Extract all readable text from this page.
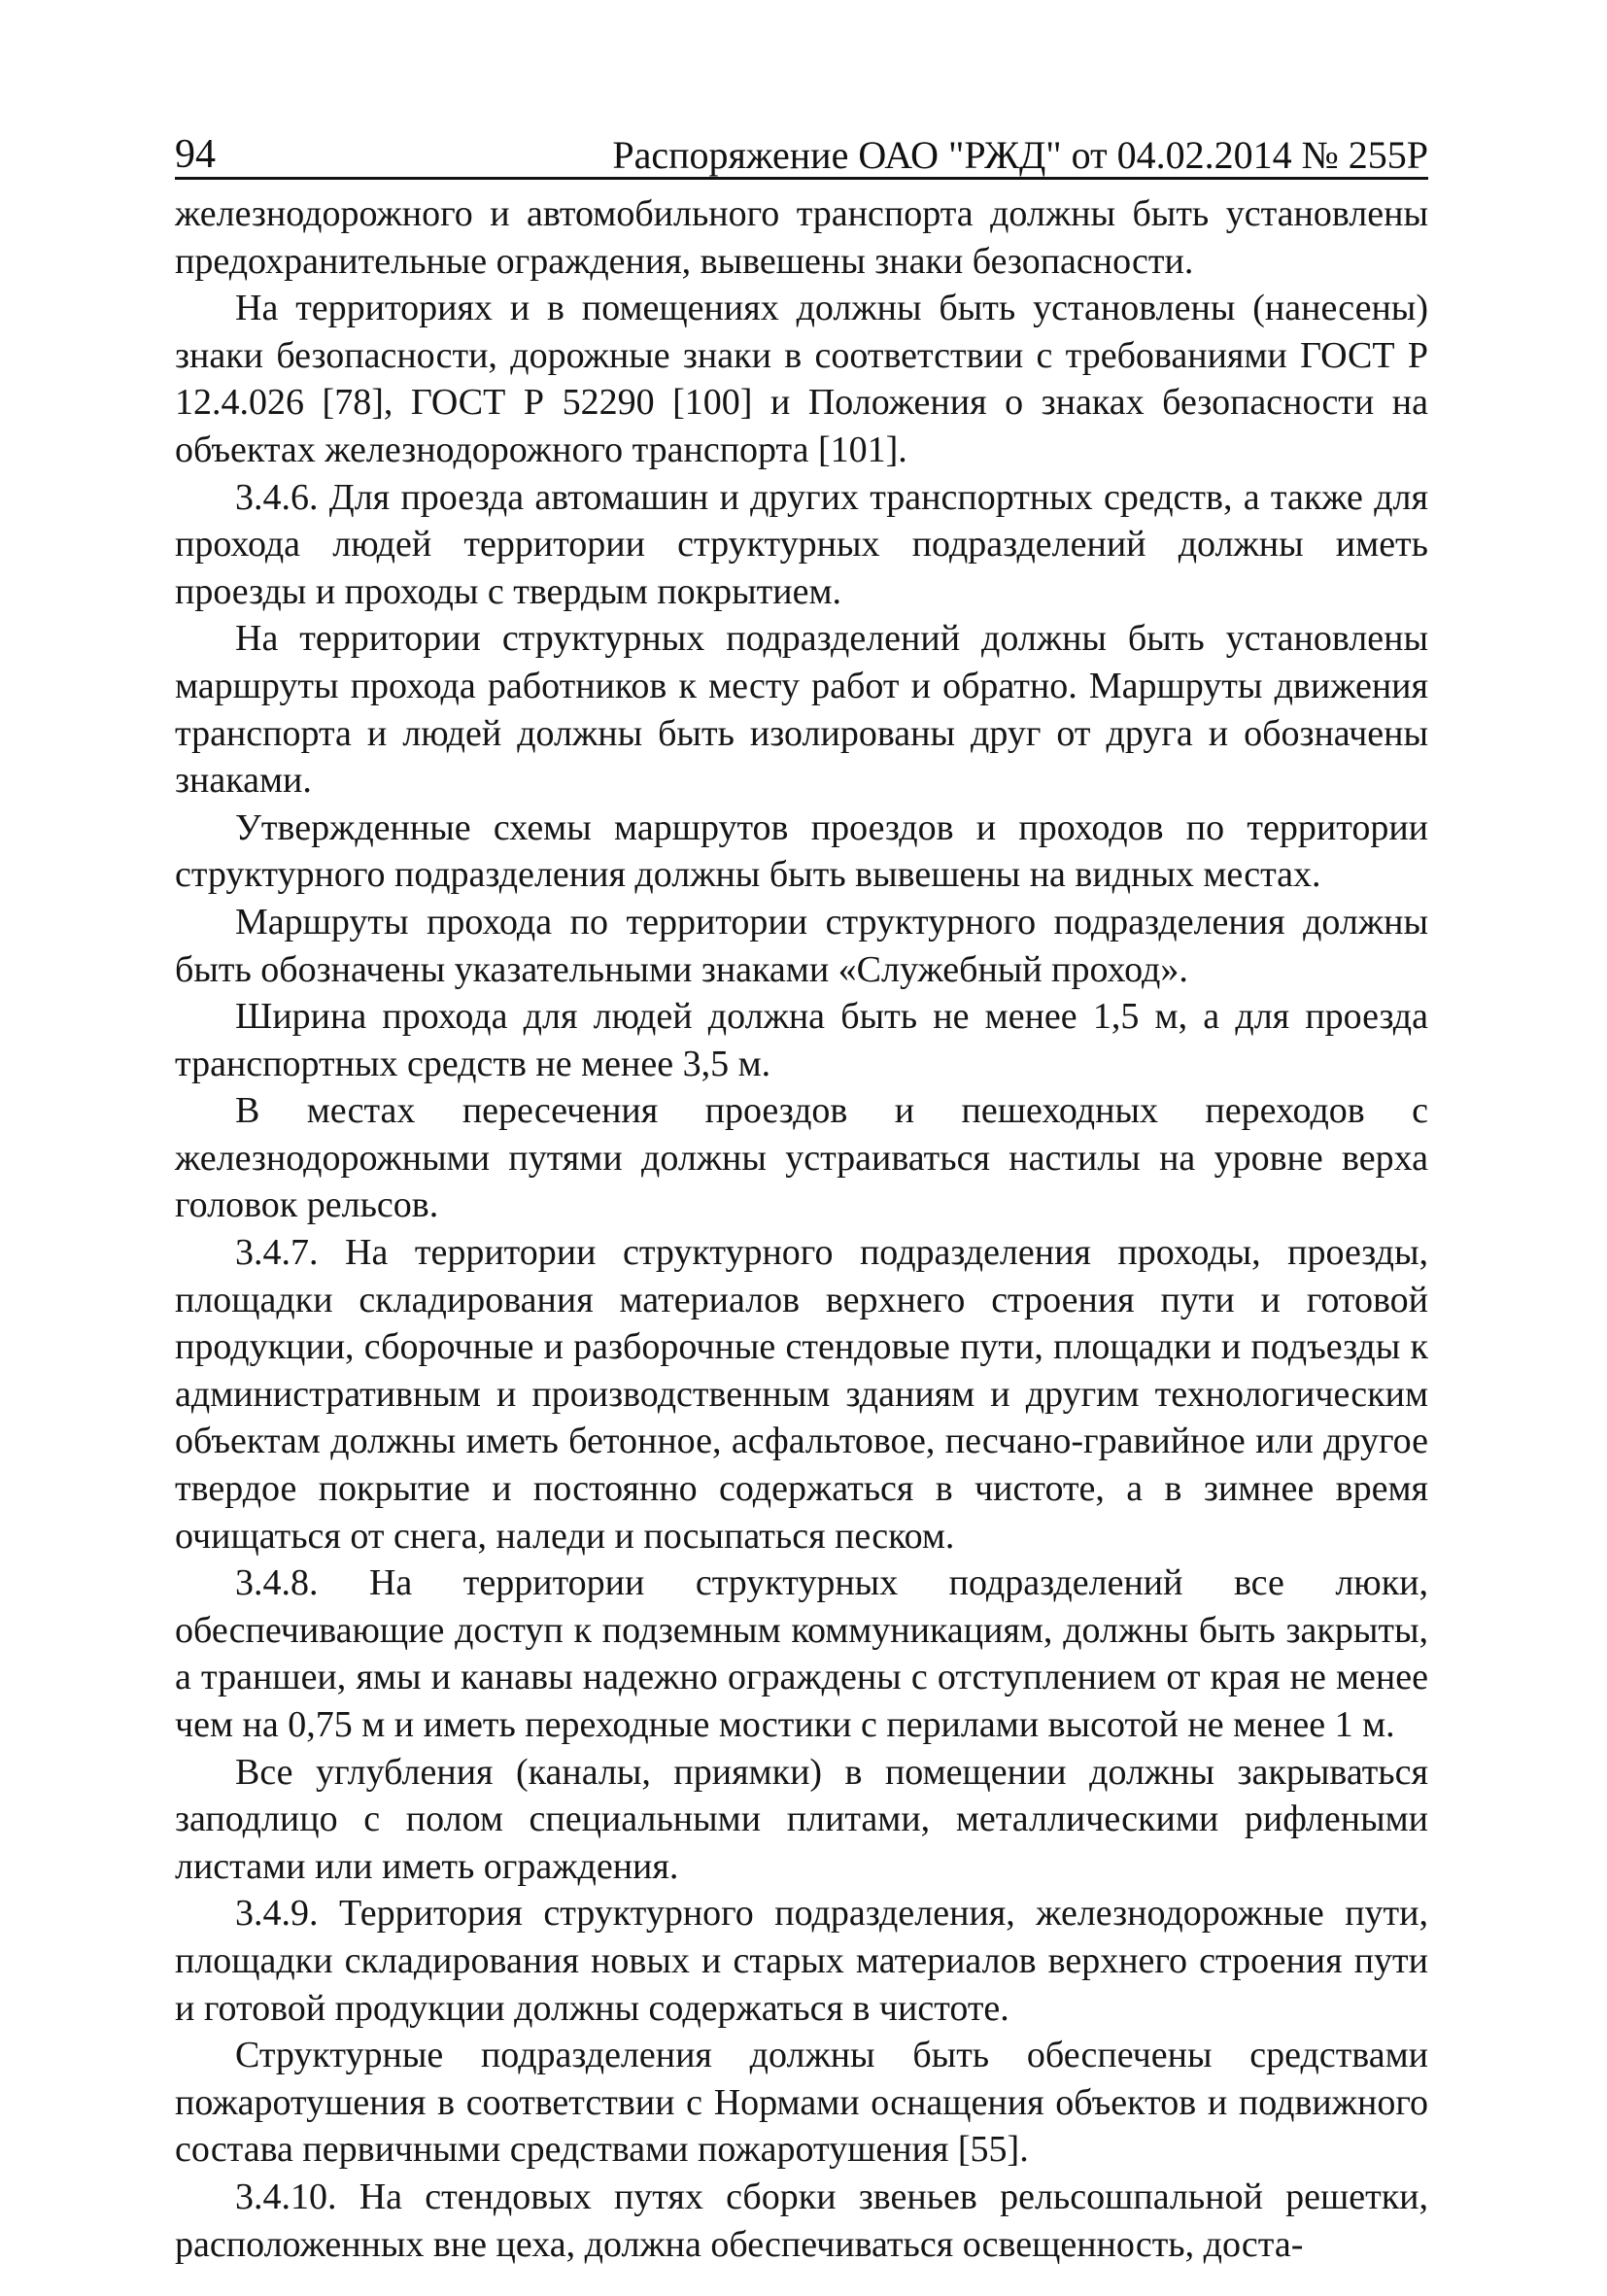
94	Распоряжение ОАО "РЖД" от 04.02.2014 № 255Р

железнодорожного и автомобильного транспорта должны быть установлены предохранительные ограждения, вывешены знаки безопасности.

На территориях и в помещениях должны быть установлены (нанесены) знаки безопасности, дорожные знаки в соответствии с требованиями ГОСТ Р 12.4.026 [78], ГОСТ Р 52290 [100] и Положения о знаках безопасности на объектах железнодорожного транспорта [101].

3.4.6. Для проезда автомашин и других транспортных средств, а также для прохода людей территории структурных подразделений должны иметь проезды и проходы с твердым покрытием.

На территории структурных подразделений должны быть установлены маршруты прохода работников к месту работ и обратно. Маршруты движения транспорта и людей должны быть изолированы друг от друга и обозначены знаками.

Утвержденные схемы маршрутов проездов и проходов по территории структурного подразделения должны быть вывешены на видных местах.

Маршруты прохода по территории структурного подразделения должны быть обозначены указательными знаками «Служебный проход».

Ширина прохода для людей должна быть не менее 1,5 м, а для проезда транспортных средств не менее 3,5 м.

В местах пересечения проездов и пешеходных переходов с железнодорожными путями должны устраиваться настилы на уровне верха головок рельсов.

3.4.7. На территории структурного подразделения проходы, проезды, площадки складирования материалов верхнего строения пути и готовой продукции, сборочные и разборочные стендовые пути, площадки и подъезды к административным и производственным зданиям и другим технологическим объектам должны иметь бетонное, асфальтовое, песчано-гравийное или другое твердое покрытие и постоянно содержаться в чистоте, а в зимнее время очищаться от снега, наледи и посыпаться песком.

3.4.8. На территории структурных подразделений все люки, обеспечивающие доступ к подземным коммуникациям, должны быть закрыты, а траншеи, ямы и канавы надежно ограждены с отступлением от края не менее чем на 0,75 м и иметь переходные мостики с перилами высотой не менее 1 м.

Все углубления (каналы, приямки) в помещении должны закрываться заподлицо с полом специальными плитами, металлическими рифлеными листами или иметь ограждения.

3.4.9. Территория структурного подразделения, железнодорожные пути, площадки складирования новых и старых материалов верхнего строения пути и готовой продукции должны содержаться в чистоте.

Структурные подразделения должны быть обеспечены средствами пожаротушения в соответствии с Нормами оснащения объектов и подвижного состава первичными средствами пожаротушения [55].

3.4.10. На стендовых путях сборки звеньев рельсошпальной решетки, расположенных вне цеха, должна обеспечиваться освещенность, доста-
